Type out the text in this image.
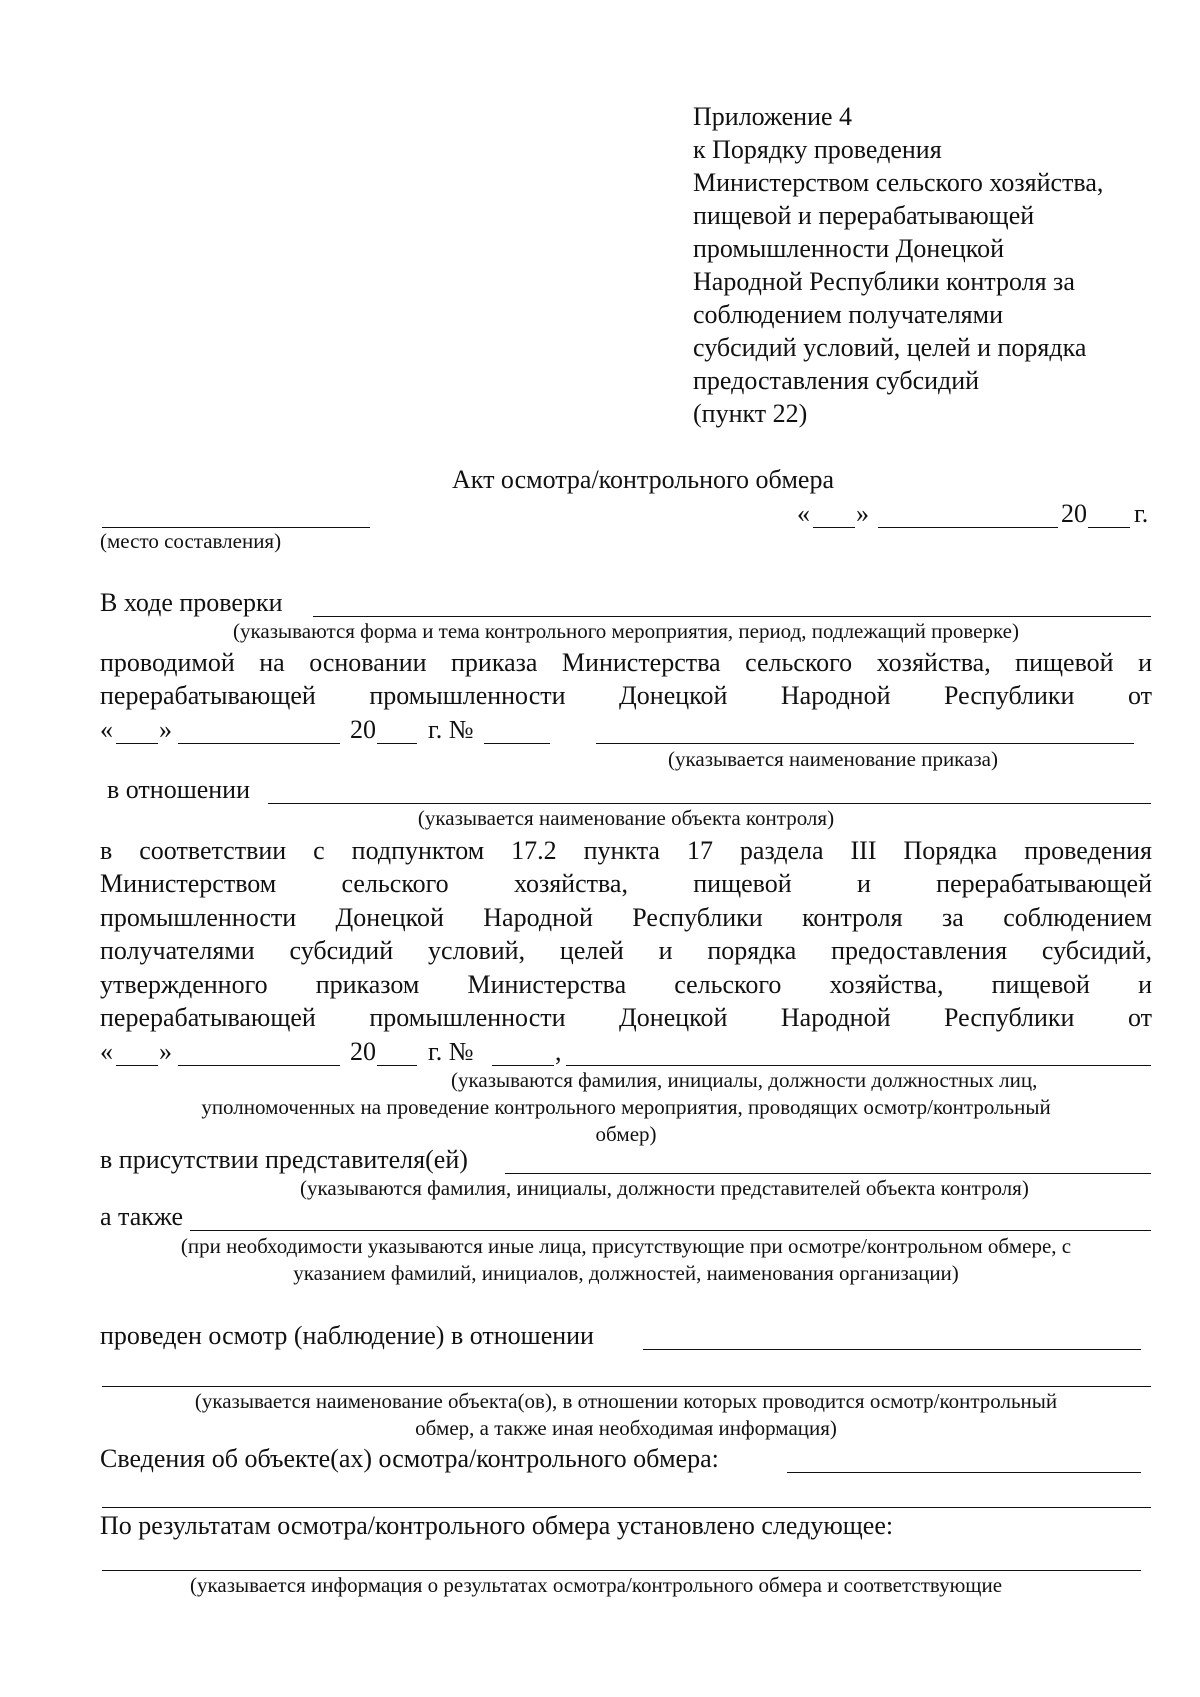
Приложение 4
к Порядку проведения
Министерством сельского хозяйства,
пищевой и перерабатывающей
промышленности Донецкой
Народной Республики контроля за
соблюдением получателями
субсидий условий, целей и порядка
предоставления субсидий
(пункт 22)
Акт осмотра/контрольного обмера
« »	20 г.
(место составления)
В ходе проверки
(указываются форма и тема контрольного мероприятия, период, подлежащий проверке)
проводимой на основании приказа Министерства сельского хозяйства, пищевой и
перерабатывающей промышленности Донецкой Народной Республики от
« »	20 г. №
(указывается наименование приказа)
в отношении
(указывается наименование объекта контроля)
в соответствии с подпунктом 17.2 пункта 17 раздела III Порядка проведения
Министерством сельского хозяйства, пищевой и перерабатывающей
промышленности Донецкой Народной Республики контроля за соблюдением
получателями субсидий условий, целей и порядка предоставления субсидий,
утвержденного приказом Министерства сельского хозяйства, пищевой и
перерабатывающей промышленности Донецкой Народной Республики от
« »	20 г. №	,
(указываются фамилия, инициалы, должности должностных лиц,
уполномоченных на проведение контрольного мероприятия, проводящих осмотр/контрольный
обмер)
в присутствии представителя(ей)
(указываются фамилия, инициалы, должности представителей объекта контроля)
а также
(при необходимости указываются иные лица, присутствующие при осмотре/контрольном обмере, с
указанием фамилий, инициалов, должностей, наименования организации)
проведен осмотр (наблюдение) в отношении
(указывается наименование объекта(ов), в отношении которых проводится осмотр/контрольный
обмер, а также иная необходимая информация)
Сведения об объекте(ах) осмотра/контрольного обмера:
По результатам осмотра/контрольного обмера установлено следующее:
(указывается информация о результатах осмотра/контрольного обмера и соответствующие
